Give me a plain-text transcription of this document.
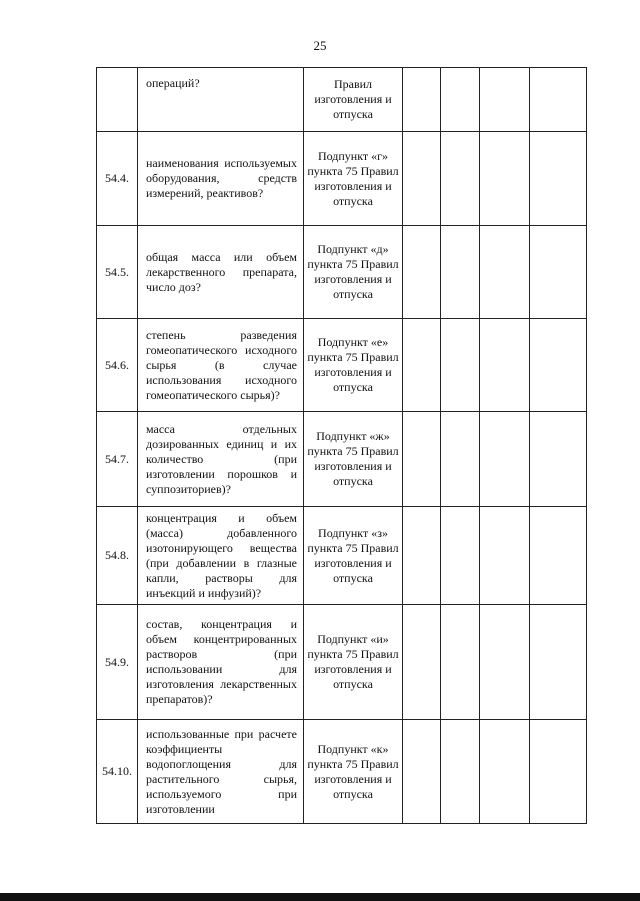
25
	операций?	Правил изготовления и отпуска				
54.4.	наименования используемых оборудования, средств измерений, реактивов?	Подпункт «г» пункта 75 Правил изготовления и отпуска				
54.5.	общая масса или объем лекарственного препарата, число доз?	Подпункт «д» пункта 75 Правил изготовления и отпуска				
54.6.	степень разведения гомеопатического исходного сырья (в случае использования исходного гомеопатического сырья)?	Подпункт «е» пункта 75 Правил изготовления и отпуска				
54.7.	масса отдельных дозированных единиц и их количество (при изготовлении порошков и суппозиториев)?	Подпункт «ж» пункта 75 Правил изготовления и отпуска				
54.8.	концентрация и объем (масса) добавленного изотонирующего вещества (при добавлении в глазные капли, растворы для инъекций и инфузий)?	Подпункт «з» пункта 75 Правил изготовления и отпуска				
54.9.	состав, концентрация и объем концентрированных растворов (при использовании для изготовления лекарственных препаратов)?	Подпункт «и» пункта 75 Правил изготовления и отпуска				
54.10.	использованные при расчете коэффициенты водопоглощения для растительного сырья, используемого при изготовлении	Подпункт «к» пункта 75 Правил изготовления и отпуска				
